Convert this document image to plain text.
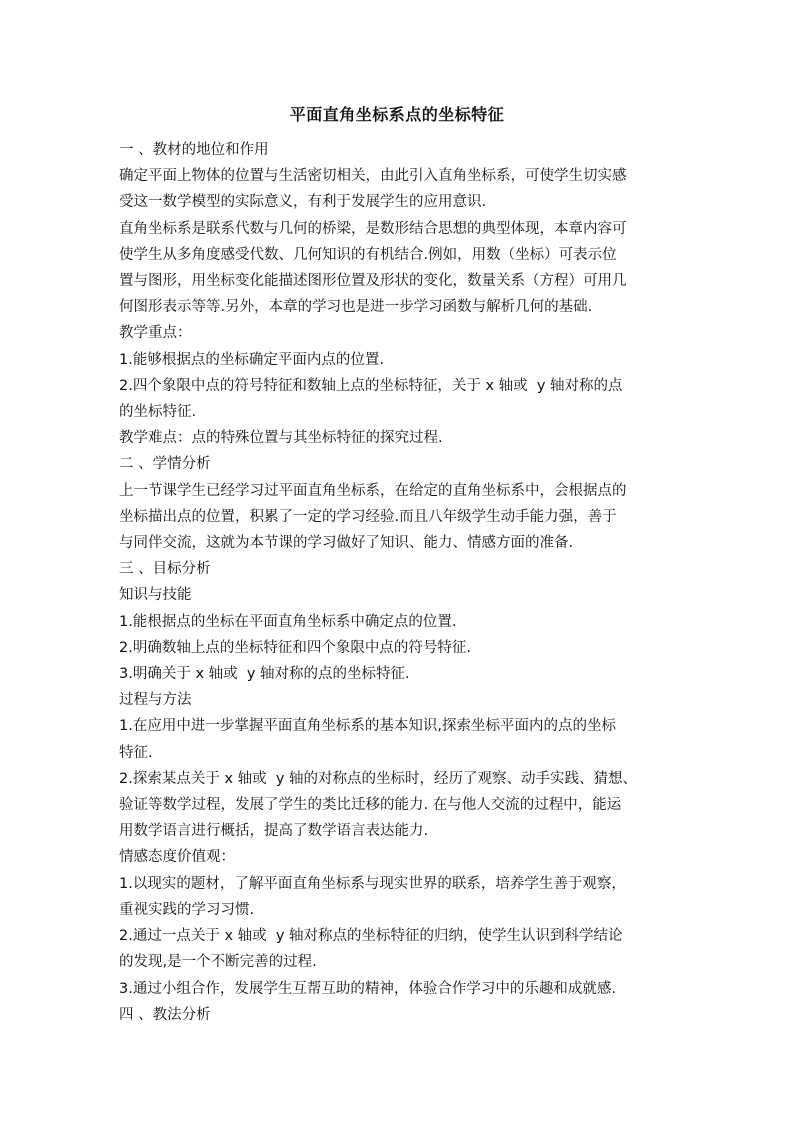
平面直角坐标系点的坐标特征

一 、教材的地位和作用

确定平面上物体的位置与生活密切相关，由此引入直角坐标系，可使学生切实感

受这一数学模型的实际意义，有利于发展学生的应用意识.

直角坐标系是联系代数与几何的桥梁，是数形结合思想的典型体现，本章内容可

使学生从多角度感受代数、几何知识的有机结合.例如，用数（坐标）可表示位

置与图形，用坐标变化能描述图形位置及形状的变化，数量关系（方程）可用几

何图形表示等等.另外，本章的学习也是进一步学习函数与解析几何的基础.

教学重点：

1.能够根据点的坐标确定平面内点的位置.

2.四个象限中点的符号特征和数轴上点的坐标特征，关于 x 轴或  y 轴对称的点

的坐标特征.

教学难点：点的特殊位置与其坐标特征的探究过程.

二 、学情分析

上一节课学生已经学习过平面直角坐标系，在给定的直角坐标系中，会根据点的

坐标描出点的位置，积累了一定的学习经验.而且八年级学生动手能力强，善于

与同伴交流，这就为本节课的学习做好了知识、能力、情感方面的准备.

三 、目标分析

知识与技能

1.能根据点的坐标在平面直角坐标系中确定点的位置.

2.明确数轴上点的坐标特征和四个象限中点的符号特征.

3.明确关于 x 轴或  y 轴对称的点的坐标特征.

过程与方法

1.在应用中进一步掌握平面直角坐标系的基本知识,探索坐标平面内的点的坐标

特征.

2.探索某点关于 x 轴或  y 轴的对称点的坐标时，经历了观察、动手实践、猜想、

验证等数学过程，发展了学生的类比迁移的能力. 在与他人交流的过程中，能运

用数学语言进行概括，提高了数学语言表达能力.

情感态度价值观：

1.以现实的题材，了解平面直角坐标系与现实世界的联系，培养学生善于观察，

重视实践的学习习惯.

2.通过一点关于 x 轴或  y 轴对称点的坐标特征的归纳，使学生认识到科学结论

的发现,是一个不断完善的过程.

3.通过小组合作，发展学生互帮互助的精神，体验合作学习中的乐趣和成就感.

四 、教法分析
